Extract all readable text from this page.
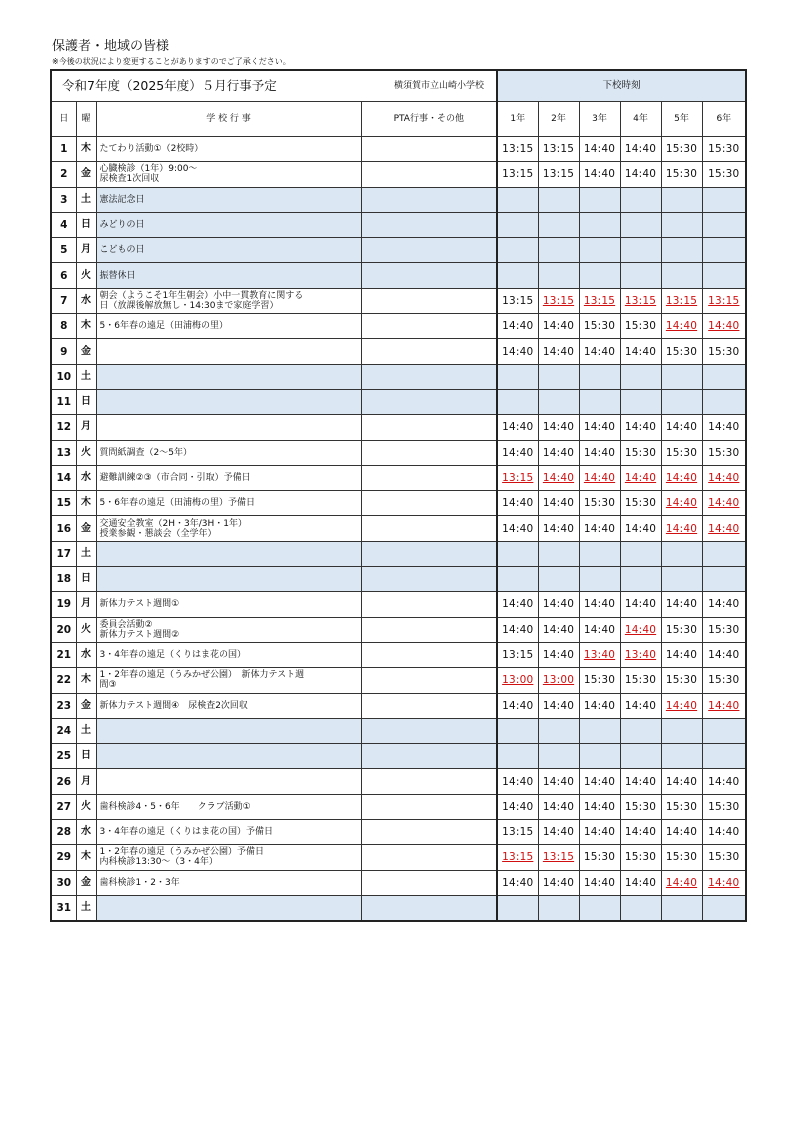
保護者・地域の皆様
※今後の状況により変更することがありますのでご了承ください。
令和7年度（2025年度）５月行事予定			横須賀市立山崎小学校	下校時刻					
日	曜	学 校 行 事	PTA行事・その他	1年	2年	3年	4年	5年	6年
1	木	たてわり活動①（2校時）		13:15	13:15	14:40	14:40	15:30	15:30
2	金	心臓検診（1年）9:00～
尿検査1次回収		13:15	13:15	14:40	14:40	15:30	15:30
3	土	憲法記念日							
4	日	みどりの日							
5	月	こどもの日							
6	火	振替休日							
7	水	朝会（ようこそ1年生朝会）小中一貫教育に関する
日（放課後解放無し・14:30まで家庭学習）		13:15	13:15	13:15	13:15	13:15	13:15
8	木	5・6年春の遠足（田浦梅の里）		14:40	14:40	15:30	15:30	14:40	14:40
9	金			14:40	14:40	14:40	14:40	15:30	15:30
10	土								
11	日								
12	月			14:40	14:40	14:40	14:40	14:40	14:40
13	火	質問紙調査（2～5年）		14:40	14:40	14:40	15:30	15:30	15:30
14	水	避難訓練②③（市合同・引取）予備日		13:15	14:40	14:40	14:40	14:40	14:40
15	木	5・6年春の遠足（田浦梅の里）予備日		14:40	14:40	15:30	15:30	14:40	14:40
16	金	交通安全教室（2H・3年/3H・1年）
授業参観・懇談会（全学年）		14:40	14:40	14:40	14:40	14:40	14:40
17	土								
18	日								
19	月	新体力テスト週間①		14:40	14:40	14:40	14:40	14:40	14:40
20	火	委員会活動②
新体力テスト週間②		14:40	14:40	14:40	14:40	15:30	15:30
21	水	3・4年春の遠足（くりはま花の国）		13:15	14:40	13:40	13:40	14:40	14:40
22	木	1・2年春の遠足（うみかぜ公園）　新体力テスト週
間③		13:00	13:00	15:30	15:30	15:30	15:30
23	金	新体力テスト週間④　尿検査2次回収		14:40	14:40	14:40	14:40	14:40	14:40
24	土								
25	日								
26	月			14:40	14:40	14:40	14:40	14:40	14:40
27	火	歯科検診4・5・6年　　クラブ活動①		14:40	14:40	14:40	15:30	15:30	15:30
28	水	3・4年春の遠足（くりはま花の国）予備日		13:15	14:40	14:40	14:40	14:40	14:40
29	木	1・2年春の遠足（うみかぜ公園）予備日
内科検診13:30～（3・4年）		13:15	13:15	15:30	15:30	15:30	15:30
30	金	歯科検診1・2・3年		14:40	14:40	14:40	14:40	14:40	14:40
31	土								
